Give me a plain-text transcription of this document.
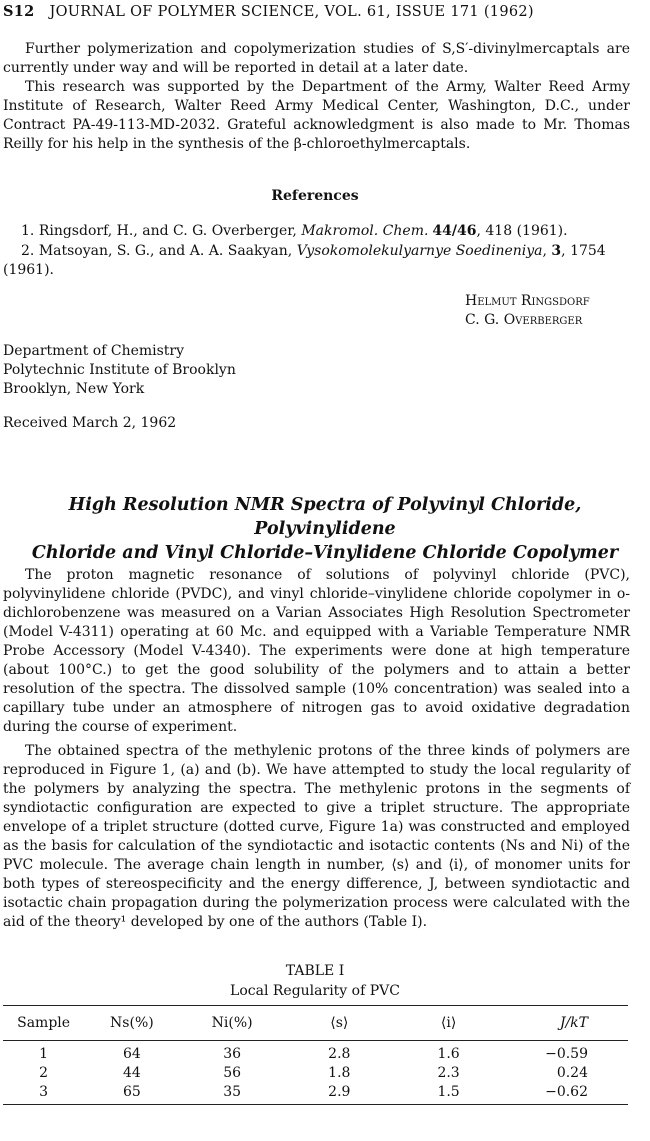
S12 JOURNAL OF POLYMER SCIENCE, VOL. 61, ISSUE 171 (1962)
Further polymerization and copolymerization studies of S,S′-divinylmercaptals are currently under way and will be reported in detail at a later date.
This research was supported by the Department of the Army, Walter Reed Army Institute of Research, Walter Reed Army Medical Center, Washington, D.C., under Contract PA-49-113-MD-2032. Grateful acknowledgment is also made to Mr. Thomas Reilly for his help in the synthesis of the β-chloroethylmercaptals.
References
1. Ringsdorf, H., and C. G. Overberger, Makromol. Chem. 44/46, 418 (1961).
2. Matsoyan, S. G., and A. A. Saakyan, Vysokomolekulyarnye Soedineniya, 3, 1754 (1961).
Helmut Ringsdorf
C. G. Overberger
Department of Chemistry
Polytechnic Institute of Brooklyn
Brooklyn, New York
Received March 2, 1962
High Resolution NMR Spectra of Polyvinyl Chloride, Polyvinylidene
Chloride and Vinyl Chloride–Vinylidene Chloride Copolymer
The proton magnetic resonance of solutions of polyvinyl chloride (PVC), polyvinylidene chloride (PVDC), and vinyl chloride–vinylidene chloride copolymer in o-dichlorobenzene was measured on a Varian Associates High Resolution Spectrometer (Model V-4311) operating at 60 Mc. and equipped with a Variable Temperature NMR Probe Accessory (Model V-4340). The experiments were done at high temperature (about 100°C.) to get the good solubility of the polymers and to attain a better resolution of the spectra. The dissolved sample (10% concentration) was sealed into a capillary tube under an atmosphere of nitrogen gas to avoid oxidative degradation during the course of experiment.
The obtained spectra of the methylenic protons of the three kinds of polymers are reproduced in Figure 1, (a) and (b). We have attempted to study the local regularity of the polymers by analyzing the spectra. The methylenic protons in the segments of syndiotactic configuration are expected to give a triplet structure. The appropriate envelope of a triplet structure (dotted curve, Figure 1a) was constructed and employed as the basis for calculation of the syndiotactic and isotactic contents (Ns and Ni) of the PVC molecule. The average chain length in number, ⟨s⟩ and ⟨i⟩, of monomer units for both types of stereospecificity and the energy difference, J, between syndiotactic and isotactic chain propagation during the polymerization process were calculated with the aid of the theory¹ developed by one of the authors (Table I).
TABLE I
Local Regularity of PVC
Sample	Ns(%)	Ni(%)	⟨s⟩	⟨i⟩	J/kT
1	64	36	2.8	1.6	−0.59
2	44	56	1.8	2.3	0.24
3	65	35	2.9	1.5	−0.62
